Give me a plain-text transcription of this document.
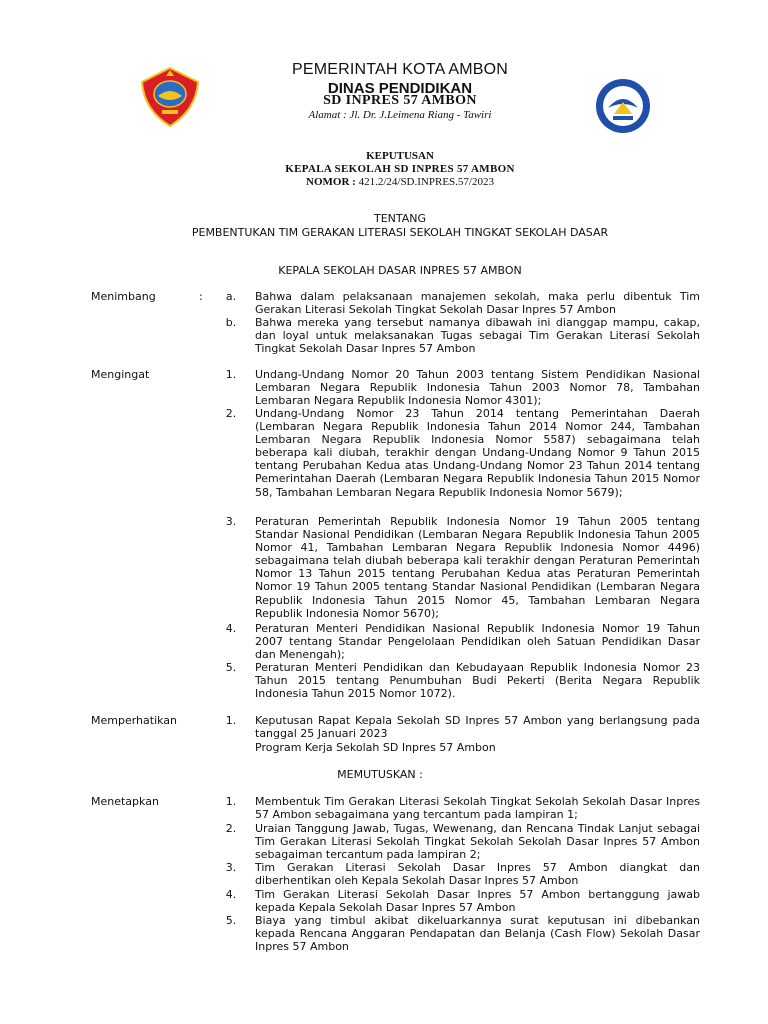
PEMERINTAH KOTA AMBON
DINAS PENDIDIKAN
SD INPRES 57 AMBON
Alamat : Jl. Dr. J.Leimena Riang - Tawiri
KEPUTUSAN
KEPALA SEKOLAH SD INPRES 57 AMBON
NOMOR : 421.2/24/SD.INPRES.57/2023
TENTANG
PEMBENTUKAN TIM GERAKAN LITERASI SEKOLAH TINGKAT SEKOLAH DASAR
KEPALA SEKOLAH DASAR INPRES 57 AMBON
Menimbang	:	a.	Bahwa dalam pelaksanaan manajemen sekolah, maka perlu dibentuk Tim Gerakan Literasi Sekolah Tingkat Sekolah Dasar Inpres 57 Ambon
b.	Bahwa mereka yang tersebut namanya dibawah ini dianggap mampu, cakap, dan loyal untuk melaksanakan Tugas sebagai Tim Gerakan Literasi Sekolah Tingkat Sekolah Dasar Inpres 57 Ambon
Mengingat	1.	Undang-Undang Nomor 20 Tahun 2003 tentang Sistem Pendidikan Nasional Lembaran Negara Republik Indonesia Tahun 2003 Nomor 78, Tambahan Lembaran Negara Republik Indonesia Nomor 4301);
2.	Undang-Undang Nomor 23 Tahun 2014 tentang Pemerintahan Daerah (Lembaran Negara Republik Indonesia Tahun 2014 Nomor 244, Tambahan Lembaran Negara Republik Indonesia Nomor 5587) sebagaimana telah beberapa kali diubah, terakhir dengan Undang-Undang Nomor 9 Tahun 2015 tentang Perubahan Kedua atas Undang-Undang Nomor 23 Tahun 2014 tentang Pemerintahan Daerah (Lembaran Negara Republik Indonesia Tahun 2015 Nomor 58, Tambahan Lembaran Negara Republik Indonesia Nomor 5679);
3.	Peraturan Pemerintah Republik Indonesia Nomor 19 Tahun 2005 tentang Standar Nasional Pendidikan (Lembaran Negara Republik Indonesia Tahun 2005 Nomor 41, Tambahan Lembaran Negara Republik Indonesia Nomor 4496) sebagaimana telah diubah beberapa kali terakhir dengan Peraturan Pemerintah Nomor 13 Tahun 2015 tentang Perubahan Kedua atas Peraturan Pemerintah Nomor 19 Tahun 2005 tentang Standar Nasional Pendidikan (Lembaran Negara Republik Indonesia Tahun 2015 Nomor 45, Tambahan Lembaran Negara Republik Indonesia Nomor 5670);
4.	Peraturan Menteri Pendidikan Nasional Republik Indonesia Nomor 19 Tahun 2007 tentang Standar Pengelolaan Pendidikan oleh Satuan Pendidikan Dasar dan Menengah);
5.	Peraturan Menteri Pendidikan dan Kebudayaan Republik Indonesia Nomor 23 Tahun 2015 tentang Penumbuhan Budi Pekerti (Berita Negara Republik Indonesia Tahun 2015 Nomor 1072).
Memperhatikan	1.	Keputusan Rapat Kepala Sekolah SD Inpres 57 Ambon yang berlangsung pada tanggal 25 Januari 2023
Program Kerja Sekolah SD Inpres 57 Ambon
MEMUTUSKAN :
Menetapkan	1.	Membentuk Tim Gerakan Literasi Sekolah Tingkat Sekolah Sekolah Dasar Inpres 57 Ambon sebagaimana yang tercantum pada lampiran 1;
2.	Uraian Tanggung Jawab, Tugas, Wewenang, dan Rencana Tindak Lanjut sebagai Tim Gerakan Literasi Sekolah Tingkat Sekolah Sekolah Dasar Inpres 57 Ambon sebagaiman tercantum pada lampiran 2;
3.	Tim Gerakan Literasi Sekolah Dasar Inpres 57 Ambon diangkat dan diberhentikan oleh Kepala Sekolah Dasar Inpres 57 Ambon
4.	Tim Gerakan Literasi Sekolah Dasar Inpres 57 Ambon bertanggung jawab kepada Kepala Sekolah Dasar Inpres 57 Ambon
5.	Biaya yang timbul akibat dikeluarkannya surat keputusan ini dibebankan kepada Rencana Anggaran Pendapatan dan Belanja (Cash Flow) Sekolah Dasar Inpres 57 Ambon
